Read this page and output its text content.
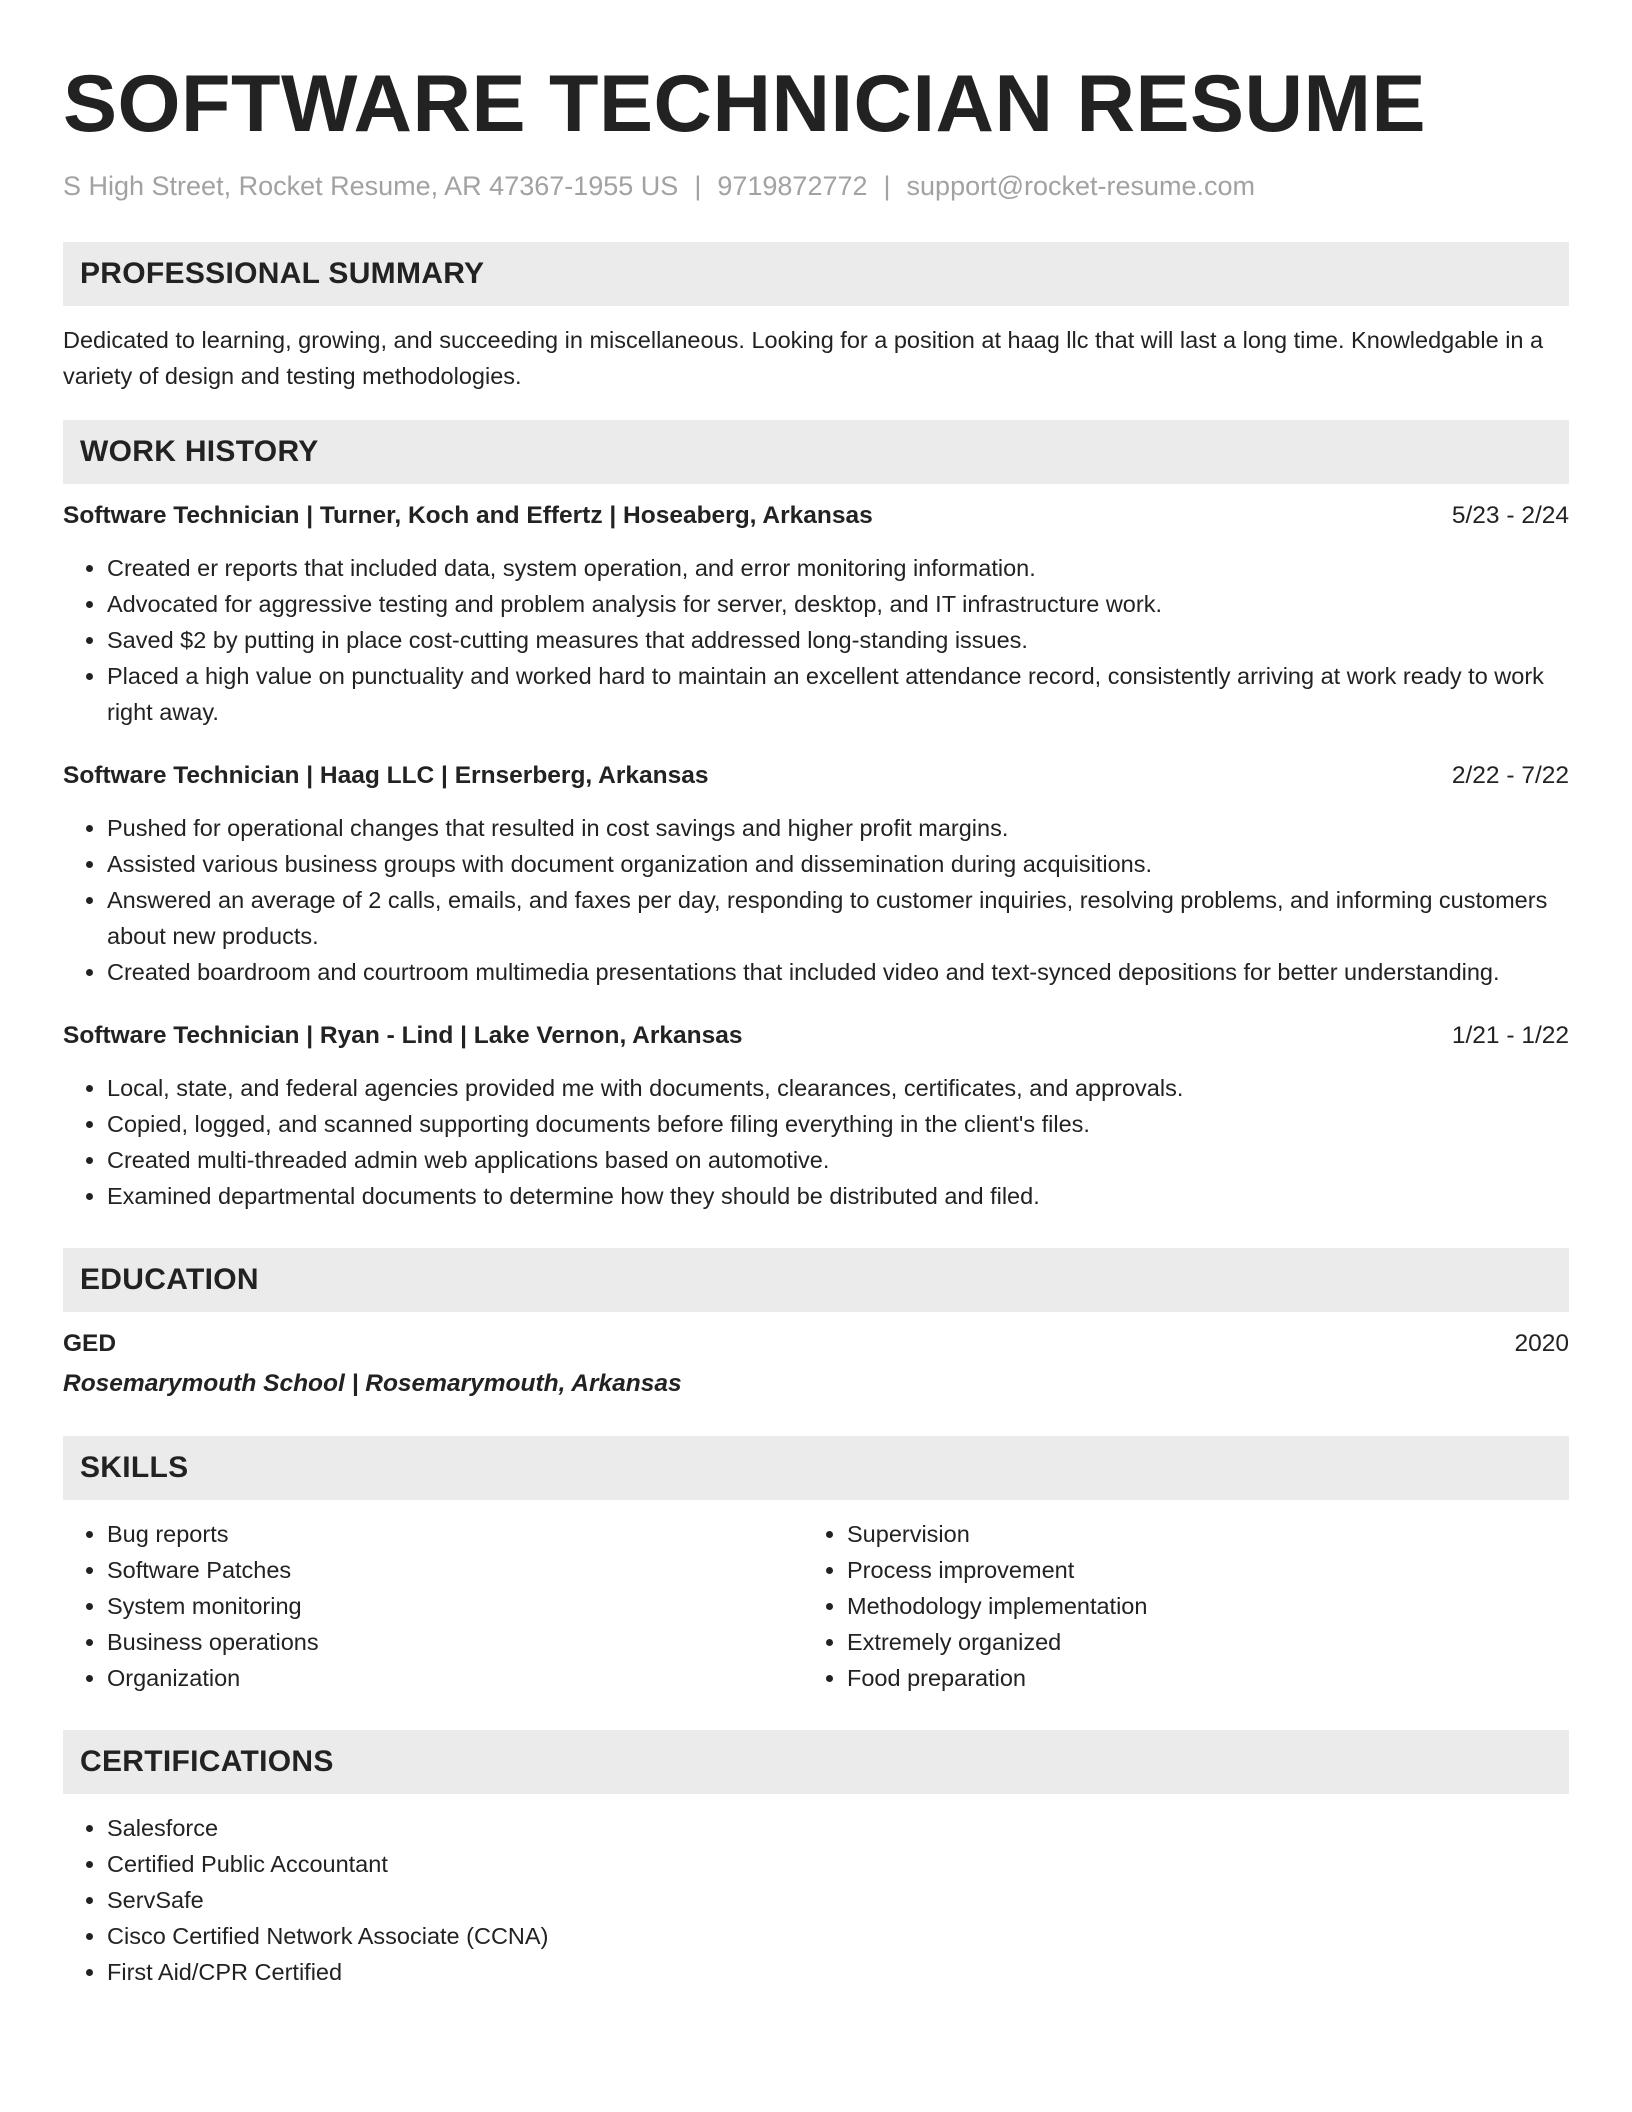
SOFTWARE TECHNICIAN RESUME
S High Street, Rocket Resume, AR 47367-1955 US | 9719872772 | support@rocket-resume.com
PROFESSIONAL SUMMARY

Dedicated to learning, growing, and succeeding in miscellaneous. Looking for a position at haag llc that will last a long time. Knowledgable in a variety of design and testing methodologies.

WORK HISTORY
Software Technician | Turner, Koch and Effertz | Hoseaberg, Arkansas	5/23 - 2/24
• Created er reports that included data, system operation, and error monitoring information.
• Advocated for aggressive testing and problem analysis for server, desktop, and IT infrastructure work.
• Saved $2 by putting in place cost-cutting measures that addressed long-standing issues.
• Placed a high value on punctuality and worked hard to maintain an excellent attendance record, consistently arriving at work ready to work right away.
Software Technician | Haag LLC | Ernserberg, Arkansas	2/22 - 7/22
• Pushed for operational changes that resulted in cost savings and higher profit margins.
• Assisted various business groups with document organization and dissemination during acquisitions.
• Answered an average of 2 calls, emails, and faxes per day, responding to customer inquiries, resolving problems, and informing customers about new products.
• Created boardroom and courtroom multimedia presentations that included video and text-synced depositions for better understanding.
Software Technician | Ryan - Lind | Lake Vernon, Arkansas	1/21 - 1/22
• Local, state, and federal agencies provided me with documents, clearances, certificates, and approvals.
• Copied, logged, and scanned supporting documents before filing everything in the client's files.
• Created multi-threaded admin web applications based on automotive.
• Examined departmental documents to determine how they should be distributed and filed.
EDUCATION
GED	2020
Rosemarymouth School | Rosemarymouth, Arkansas
SKILLS
• Bug reports
• Software Patches
• System monitoring
• Business operations
• Organization
• Supervision
• Process improvement
• Methodology implementation
• Extremely organized
• Food preparation
CERTIFICATIONS
• Salesforce
• Certified Public Accountant
• ServSafe
• Cisco Certified Network Associate (CCNA)
• First Aid/CPR Certified
